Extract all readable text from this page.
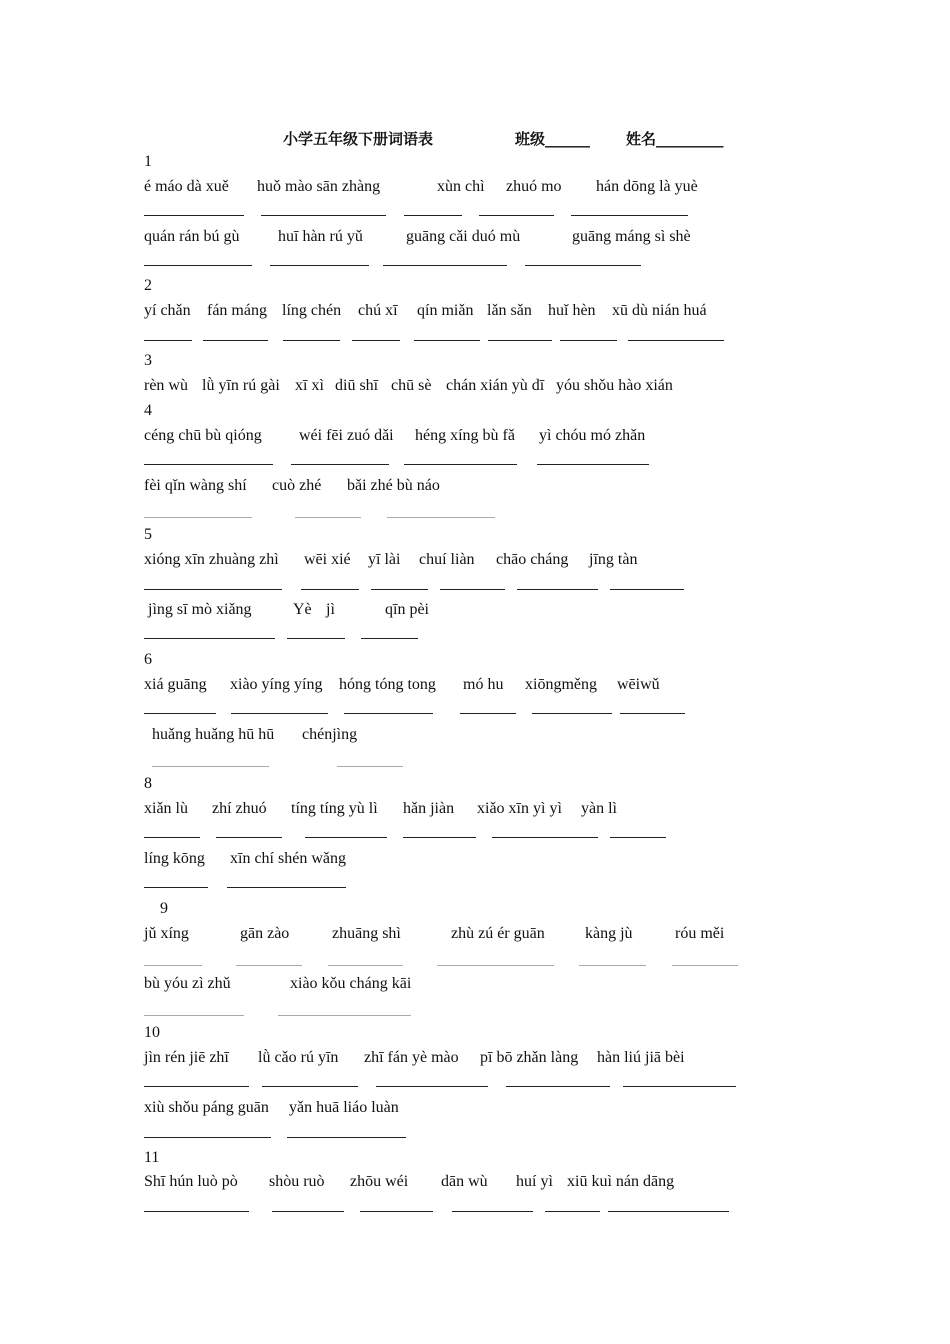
小学五年级下册词语表	班级______ 姓名_________
1
é máo dà xuě huǒ mào sān zhàng	xùn chì zhuó mo hán dōng là yuè
quán rán bú gù huī hàn rú yǔ	guāng cǎi duó mù	guāng máng sì shè
2
yí chǎn fán máng líng chén chú xī qín miǎn lǎn sǎn huǐ hèn xū dù nián huá
3
rèn wù lǜ yīn rú gài xī xì diū shī chū sè chán xián yù dī yóu shǒu hào xián
4
céng chū bù qióng wéi fēi zuó dǎi héng xíng bù fǎ yì chóu mó zhǎn
fèi qǐn wàng shí cuò zhé bǎi zhé bù náo
5
xióng xīn zhuàng zhì wēi xié yī lài chuí liàn chāo cháng jīng tàn
jìng sī mò xiǎng	Yè jì	qīn pèi
6
xiá guāng xiào yíng yíng hóng tóng tong mó hu xiōngměng wēiwǔ
huǎng huǎng hū hū chénjìng
8
xiǎn lù zhí zhuó tíng tíng yù lì hǎn jiàn xiǎo xīn yì yì yàn lì
líng kōng xīn chí shén wǎng
9
jǔ xíng	gān zào	zhuāng shì	zhù zú ér guān	kàng jù	róu měi
bù yóu zì zhǔ	xiào kǒu cháng kāi
10
jìn rén jiē zhī lǜ cǎo rú yīn zhī fán yè mào pī bō zhǎn làng hàn liú jiā bèi
xiù shǒu páng guān yǎn huā liáo luàn
11
Shī hún luò pò shòu ruò zhōu wéi dān wù huí yì xiū kuì nán dāng
